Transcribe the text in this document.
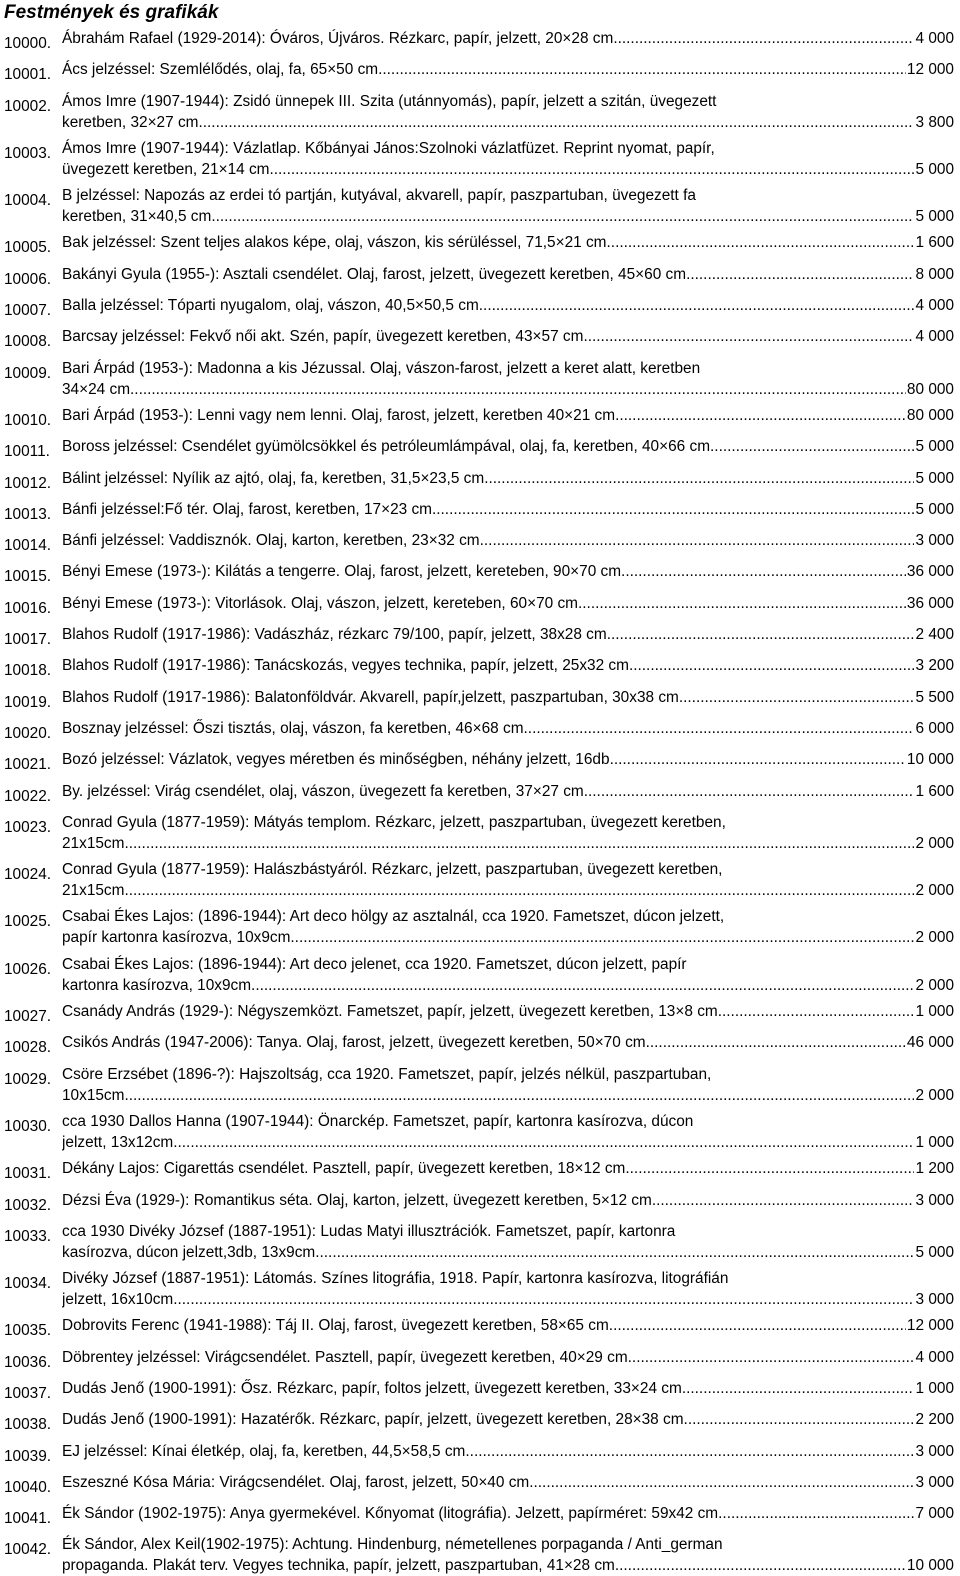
Festmények és grafikák
10000. Ábrahám Rafael (1929-2014): Óváros, Újváros. Rézkarc, papír, jelzett, 20×28 cm .....	4 000
10001. Ács jelzéssel: Szemlélődés, olaj, fa, 65×50 cm .....	12 000
10002. Ámos Imre (1907-1944): Zsidó ünnepek III. Szita (utánnyomás), papír, jelzett a szitán, üvegezett
keretben, 32×27 cm .....	3 800
10003. Ámos Imre (1907-1944): Vázlatlap. Kőbányai János:Szolnoki vázlatfüzet. Reprint nyomat, papír,
üvegezett keretben, 21×14 cm .....	5 000
10004. B jelzéssel: Napozás az erdei tó partján, kutyával, akvarell, papír, paszpartuban, üvegezett fa
keretben, 31×40,5 cm .....	5 000
10005. Bak jelzéssel: Szent teljes alakos képe, olaj, vászon, kis sérüléssel, 71,5×21 cm .....	1 600
10006. Bakányi Gyula (1955-): Asztali csendélet. Olaj, farost, jelzett, üvegezett keretben, 45×60 cm .....	8 000
10007. Balla jelzéssel: Tóparti nyugalom, olaj, vászon, 40,5×50,5 cm .....	4 000
10008. Barcsay jelzéssel: Fekvő női akt. Szén, papír, üvegezett keretben, 43×57 cm .....	4 000
10009. Bari Árpád (1953-): Madonna a kis Jézussal. Olaj, vászon-farost, jelzett a keret alatt, keretben
34×24 cm .....	80 000
10010. Bari Árpád (1953-): Lenni vagy nem lenni. Olaj, farost, jelzett, keretben 40×21 cm .....	80 000
10011. Boross jelzéssel: Csendélet gyümölcsökkel és petróleumlámpával, olaj, fa, keretben, 40×66 cm .....	5 000
10012. Bálint jelzéssel: Nyílik az ajtó, olaj, fa, keretben, 31,5×23,5 cm .....	5 000
10013. Bánfi jelzéssel:Fő tér. Olaj, farost, keretben, 17×23 cm .....	5 000
10014. Bánfi jelzéssel: Vaddisznók. Olaj, karton, keretben, 23×32 cm .....	3 000
10015. Bényi Emese (1973-): Kilátás a tengerre. Olaj, farost, jelzett, kereteben, 90×70 cm .....	36 000
10016. Bényi Emese (1973-): Vitorlások. Olaj, vászon, jelzett, kereteben, 60×70 cm .....	36 000
10017. Blahos Rudolf (1917-1986): Vadászház, rézkarc 79/100, papír, jelzett, 38x28 cm .....	2 400
10018. Blahos Rudolf (1917-1986): Tanácskozás, vegyes technika, papír, jelzett, 25x32 cm .....	3 200
10019. Blahos Rudolf (1917-1986): Balatonföldvár. Akvarell, papír,jelzett, paszpartuban, 30x38 cm .....	5 500
10020. Bosznay jelzéssel: Őszi tisztás, olaj, vászon, fa keretben, 46×68 cm .....	6 000
10021. Bozó jelzéssel: Vázlatok, vegyes méretben és minőségben, néhány jelzett, 16db .....	10 000
10022. By. jelzéssel: Virág csendélet, olaj, vászon, üvegezett fa keretben, 37×27 cm .....	1 600
10023. Conrad Gyula (1877-1959): Mátyás templom. Rézkarc, jelzett, paszpartuban, üvegezett keretben,
21x15cm .....	2 000
10024. Conrad Gyula (1877-1959): Halászbástyáról. Rézkarc, jelzett, paszpartuban, üvegezett keretben,
21x15cm .....	2 000
10025. Csabai Ékes Lajos: (1896-1944): Art deco hölgy az asztalnál, cca 1920. Fametszet, dúcon jelzett,
papír kartonra kasírozva, 10x9cm .....	2 000
10026. Csabai Ékes Lajos: (1896-1944): Art deco jelenet, cca 1920. Fametszet, dúcon jelzett, papír
kartonra kasírozva, 10x9cm .....	2 000
10027. Csanády András (1929-): Négyszemközt. Fametszet, papír, jelzett, üvegezett keretben, 13×8 cm. .....	1 000
10028. Csikós András (1947-2006): Tanya. Olaj, farost, jelzett, üvegezett keretben, 50×70 cm .....	46 000
10029. Csöre Erzsébet (1896-?): Hajszoltság, cca 1920. Fametszet, papír, jelzés nélkül, paszpartuban,
10x15cm .....	2 000
10030. cca 1930 Dallos Hanna (1907-1944): Önarckép. Fametszet, papír, kartonra kasírozva, dúcon
jelzett, 13x12cm .....	1 000
10031. Dékány Lajos: Cigarettás csendélet. Pasztell, papír, üvegezett keretben, 18×12 cm .....	1 200
10032. Dézsi Éva (1929-): Romantikus séta. Olaj, karton, jelzett, üvegezett keretben, 5×12 cm .....	3 000
10033. cca 1930 Divéky József (1887-1951): Ludas Matyi illusztrációk. Fametszet, papír, kartonra
kasírozva, dúcon jelzett,3db, 13x9cm .....	5 000
10034. Divéky József (1887-1951): Látomás. Színes litográfia, 1918. Papír, kartonra kasírozva, litográfián
jelzett, 16x10cm .....	3 000
10035. Dobrovits Ferenc (1941-1988): Táj II. Olaj, farost, üvegezett keretben, 58×65 cm .....	12 000
10036. Döbrentey jelzéssel: Virágcsendélet. Pasztell, papír, üvegezett keretben, 40×29 cm .....	4 000
10037. Dudás Jenő (1900-1991): Ősz. Rézkarc, papír, foltos jelzett, üvegezett keretben, 33×24 cm .....	1 000
10038. Dudás Jenő (1900-1991): Hazatérők. Rézkarc, papír, jelzett, üvegezett keretben, 28×38 cm .....	2 200
10039. EJ jelzéssel: Kínai életkép, olaj, fa, keretben, 44,5×58,5 cm .....	3 000
10040. Eszeszné Kósa Mária: Virágcsendélet. Olaj, farost, jelzett, 50×40 cm .....	3 000
10041. Ék Sándor (1902-1975): Anya gyermekével. Kőnyomat (litográfia). Jelzett, papírméret: 59x42 cm .....	7 000
10042. Ék Sándor, Alex Keil(1902-1975): Achtung. Hindenburg, németellenes porpaganda / Anti_german
propaganda. Plakát terv. Vegyes technika, papír, jelzett, paszpartuban, 41×28 cm .....	10 000
